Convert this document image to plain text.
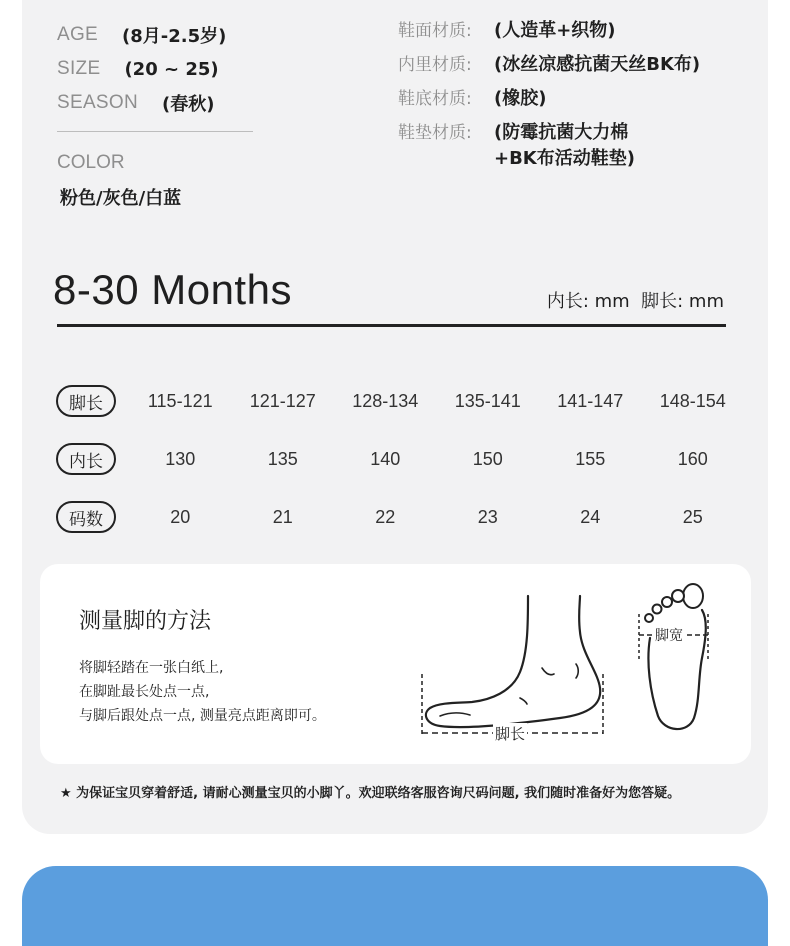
AGE (8月-2.5岁)
SIZE (20 ~ 25)
SEASON (春秋)
COLOR
粉色/灰色/白蓝
鞋面材质:	(人造革+织物)
内里材质:	(冰丝凉感抗菌天丝BK布)
鞋底材质:	(橡胶)
鞋垫材质:	(防霉抗菌大力棉 +BK布活动鞋垫)
8-30 Months	内长: mm  脚长: mm
脚长	115-121	121-127	128-134	135-141	141-147	148-154
内长	130	135	140	150	155	160
码数	20	21	22	23	24	25
测量脚的方法
将脚轻踏在一张白纸上,
在脚趾最长处点一点,
与脚后跟处点一点, 测量亮点距离即可。
脚长
脚宽
★ 为保证宝贝穿着舒适, 请耐心测量宝贝的小脚丫。欢迎联络客服咨询尺码问题, 我们随时准备好为您答疑。
